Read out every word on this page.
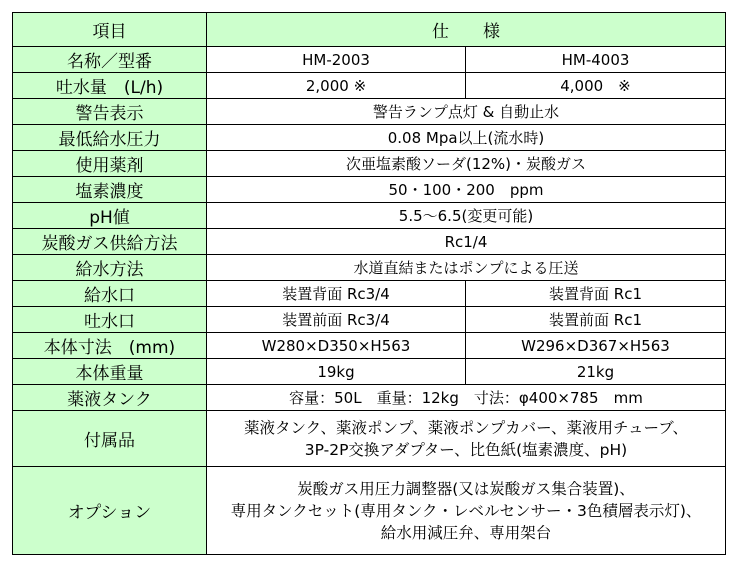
項目	仕　　様	
名称／型番	HM-2003	HM-4003
吐水量　(L/h)	2,000 ※	4,000　※
警告表示	警告ランプ点灯 & 自動止水	
最低給水圧力	0.08 Mpa以上(流水時)	
使用薬剤	次亜塩素酸ソーダ(12%)・炭酸ガス	
塩素濃度	50・100・200　ppm	
pH値	5.5～6.5(変更可能)	
炭酸ガス供給方法	Rc1/4	
給水方法	水道直結またはポンプによる圧送	
給水口	装置背面 Rc3/4	装置背面 Rc1
吐水口	装置前面 Rc3/4	装置前面 Rc1
本体寸法　(mm)	W280×D350×H563	W296×D367×H563
本体重量	19kg	21kg
薬液タンク	容量：50L　重量：12kg　寸法：φ400×785　mm	
付属品	薬液タンク、薬液ポンプ、薬液ポンプカバー、薬液用チューブ、
3P-2P交換アダプター、比色紙(塩素濃度、pH)	

オプション	炭酸ガス用圧力調整器(又は炭酸ガス集合装置)、
専用タンクセット(専用タンク・レベルセンサー・3色積層表示灯)、
給水用減圧弁、専用架台	
